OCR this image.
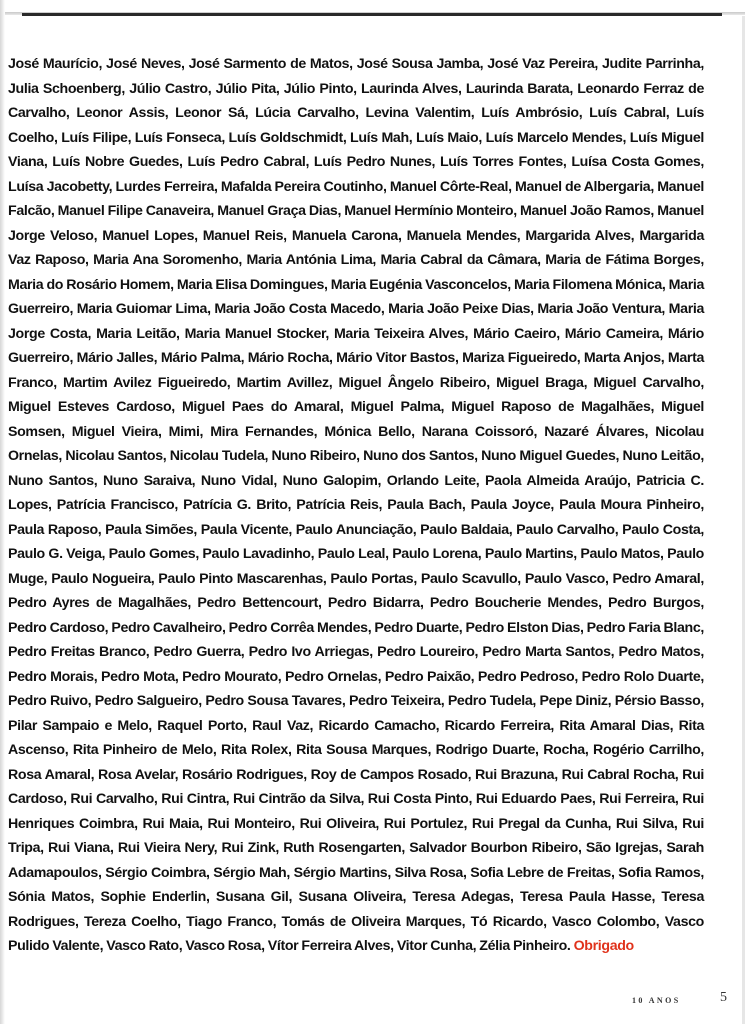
José Maurício, José Neves, José Sarmento de Matos, José Sousa Jamba, José Vaz Pereira, Judite Parrinha, Julia Schoenberg, Júlio Castro, Júlio Pita, Júlio Pinto, Laurinda Alves, Laurinda Barata, Leonardo Ferraz de Carvalho, Leonor Assis, Leonor Sá, Lúcia Carvalho, Levina Valentim, Luís Ambrósio, Luís Cabral, Luís Coelho, Luís Filipe, Luís Fonseca, Luís Goldschmidt, Luís Mah, Luís Maio, Luís Marcelo Mendes, Luís Miguel Viana, Luís Nobre Guedes, Luís Pedro Cabral, Luís Pedro Nunes, Luís Torres Fontes, Luísa Costa Gomes, Luísa Jacobetty, Lurdes Ferreira, Mafalda Pereira Coutinho, Manuel Côrte-Real, Manuel de Albergaria, Manuel Falcão, Manuel Filipe Canaveira, Manuel Graça Dias, Manuel Hermínio Monteiro, Manuel João Ramos, Manuel Jorge Veloso, Manuel Lopes, Manuel Reis, Manuela Carona, Manuela Mendes, Margarida Alves, Margarida Vaz Raposo, Maria Ana Soromenho, Maria Antónia Lima, Maria Cabral da Câmara, Maria de Fátima Borges, Maria do Rosário Homem, Maria Elisa Domingues, Maria Eugénia Vasconcelos, Maria Filomena Mónica, Maria Guerreiro, Maria Guiomar Lima, Maria João Costa Macedo, Maria João Peixe Dias, Maria João Ventura, Maria Jorge Costa, Maria Leitão, Maria Manuel Stocker, Maria Teixeira Alves, Mário Caeiro, Mário Cameira, Mário Guerreiro, Mário Jalles, Mário Palma, Mário Rocha, Mário Vitor Bastos, Mariza Figueiredo, Marta Anjos, Marta Franco, Martim Avilez Figueiredo, Martim Avillez, Miguel Ângelo Ribeiro, Miguel Braga, Miguel Carvalho, Miguel Esteves Cardoso, Miguel Paes do Amaral, Miguel Palma, Miguel Raposo de Magalhães, Miguel Somsen, Miguel Vieira, Mimi, Mira Fernandes, Mónica Bello, Narana Coissoró, Nazaré Álvares, Nicolau Ornelas, Nicolau Santos, Nicolau Tudela, Nuno Ribeiro, Nuno dos Santos, Nuno Miguel Guedes, Nuno Leitão, Nuno Santos, Nuno Saraiva, Nuno Vidal, Nuno Galopim, Orlando Leite, Paola Almeida Araújo, Patricia C. Lopes, Patrícia Francisco, Patrícia G. Brito, Patrícia Reis, Paula Bach, Paula Joyce, Paula Moura Pinheiro, Paula Raposo, Paula Simões, Paula Vicente, Paulo Anunciação, Paulo Baldaia, Paulo Carvalho, Paulo Costa, Paulo G. Veiga, Paulo Gomes, Paulo Lavadinho, Paulo Leal, Paulo Lorena, Paulo Martins, Paulo Matos, Paulo Muge, Paulo Nogueira, Paulo Pinto Mascarenhas, Paulo Portas, Paulo Scavullo, Paulo Vasco, Pedro Amaral, Pedro Ayres de Magalhães, Pedro Bettencourt, Pedro Bidarra, Pedro Boucherie Mendes, Pedro Burgos, Pedro Cardoso, Pedro Cavalheiro, Pedro Corrêa Mendes, Pedro Duarte, Pedro Elston Dias, Pedro Faria Blanc, Pedro Freitas Branco, Pedro Guerra, Pedro Ivo Arriegas, Pedro Loureiro, Pedro Marta Santos, Pedro Matos, Pedro Morais, Pedro Mota, Pedro Mourato, Pedro Ornelas, Pedro Paixão, Pedro Pedroso, Pedro Rolo Duarte, Pedro Ruivo, Pedro Salgueiro, Pedro Sousa Tavares, Pedro Teixeira, Pedro Tudela, Pepe Diniz, Pérsio Basso, Pilar Sampaio e Melo, Raquel Porto, Raul Vaz, Ricardo Camacho, Ricardo Ferreira, Rita Amaral Dias, Rita Ascenso, Rita Pinheiro de Melo, Rita Rolex, Rita Sousa Marques, Rodrigo Duarte, Rocha, Rogério Carrilho, Rosa Amaral, Rosa Avelar, Rosário Rodrigues, Roy de Campos Rosado, Rui Brazuna, Rui Cabral Rocha, Rui Cardoso, Rui Carvalho, Rui Cintra, Rui Cintrão da Silva, Rui Costa Pinto, Rui Eduardo Paes, Rui Ferreira, Rui Henriques Coimbra, Rui Maia, Rui Monteiro, Rui Oliveira, Rui Portulez, Rui Pregal da Cunha, Rui Silva, Rui Tripa, Rui Viana, Rui Vieira Nery, Rui Zink, Ruth Rosengarten, Salvador Bourbon Ribeiro, São Igrejas, Sarah Adamapoulos, Sérgio Coimbra, Sérgio Mah, Sérgio Martins, Silva Rosa, Sofia Lebre de Freitas, Sofia Ramos, Sónia Matos, Sophie Enderlin, Susana Gil, Susana Oliveira, Teresa Adegas, Teresa Paula Hasse, Teresa Rodrigues, Tereza Coelho, Tiago Franco, Tomás de Oliveira Marques, Tó Ricardo, Vasco Colombo, Vasco Pulido Valente, Vasco Rato, Vasco Rosa, Vítor Ferreira Alves, Vitor Cunha, Zélia Pinheiro. Obrigado

10 ANOS	5
